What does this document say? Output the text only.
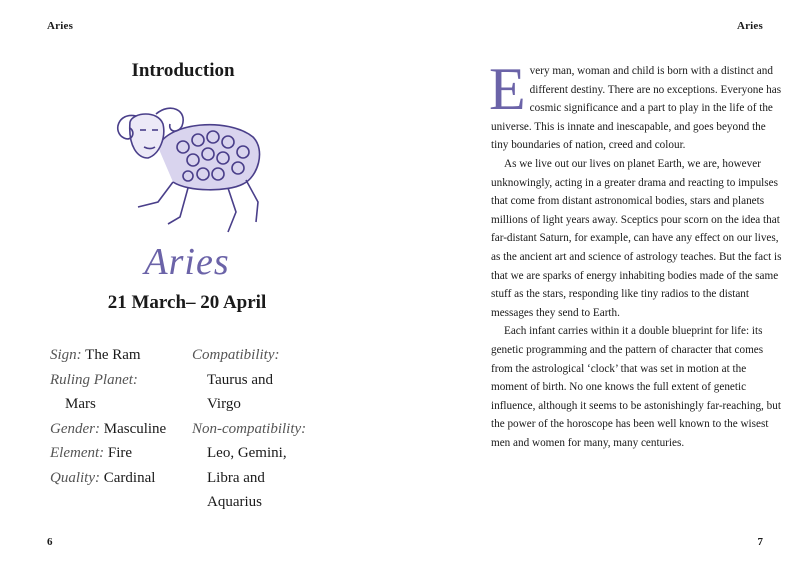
Aries
Introduction
Aries
21 March– 20 April
Sign: The Ram
Ruling Planet:
Mars
Gender: Masculine
Element: Fire
Quality: Cardinal
Compatibility:
Taurus and
Virgo
Non-compatibility:
Leo, Gemini,
Libra and
Aquarius
6
Aries

Every man, woman and child is born with a distinct and different destiny. There are no exceptions. Everyone has cosmic significance and a part to play in the life of the universe. This is innate and inescapable, and goes beyond the tiny boundaries of nation, creed and colour.

As we live out our lives on planet Earth, we are, however unknowingly, acting in a greater drama and reacting to impulses that come from distant astronomical bodies, stars and planets millions of light years away. Sceptics pour scorn on the idea that far-distant Saturn, for example, can have any effect on our lives, as the ancient art and science of astrology teaches. But the fact is that we are sparks of energy inhabiting bodies made of the same stuff as the stars, responding like tiny radios to the distant messages they send to Earth.

Each infant carries within it a double blueprint for life: its genetic programming and the pattern of character that comes from the astrological ‘clock’ that was set in motion at the moment of birth. No one knows the full extent of genetic influence, although it seems to be astonishingly far-reaching, but the power of the horoscope has been well known to the wisest men and women for many, many centuries.

7
